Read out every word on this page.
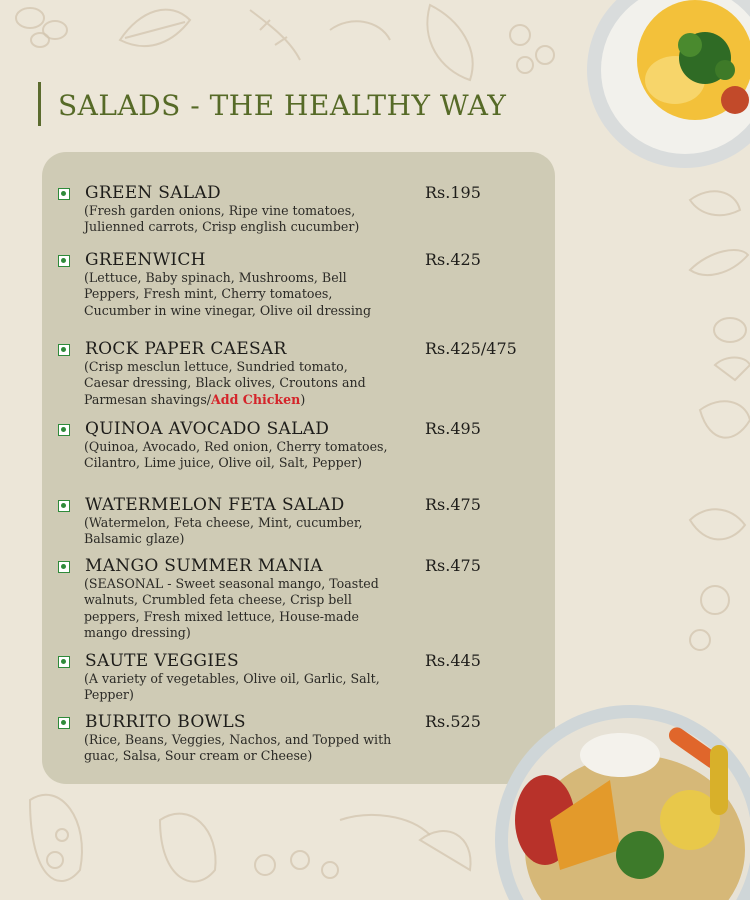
SALADS - THE HEALTHY WAY
GREEN SALAD	Rs.195
(Fresh garden onions, Ripe vine tomatoes, Julienned carrots, Crisp english cucumber)
GREENWICH	Rs.425
(Lettuce, Baby spinach, Mushrooms, Bell Peppers, Fresh mint, Cherry tomatoes, Cucumber in wine vinegar, Olive oil dressing
ROCK PAPER CAESAR	Rs.425/475
(Crisp mesclun lettuce, Sundried tomato, Caesar dressing, Black olives, Croutons and Parmesan shavings/Add Chicken)
QUINOA AVOCADO SALAD	Rs.495
(Quinoa, Avocado, Red onion, Cherry tomatoes, Cilantro, Lime juice, Olive oil, Salt, Pepper)
WATERMELON FETA SALAD	Rs.475
(Watermelon, Feta cheese, Mint, cucumber, Balsamic glaze)
MANGO SUMMER MANIA	Rs.475
(SEASONAL - Sweet seasonal mango, Toasted walnuts, Crumbled feta cheese, Crisp bell peppers, Fresh mixed lettuce, House-made mango dressing)
SAUTE VEGGIES	Rs.445
(A variety of vegetables, Olive oil, Garlic, Salt, Pepper)
BURRITO BOWLS	Rs.525
(Rice, Beans, Veggies, Nachos, and Topped with guac, Salsa, Sour cream or Cheese)
